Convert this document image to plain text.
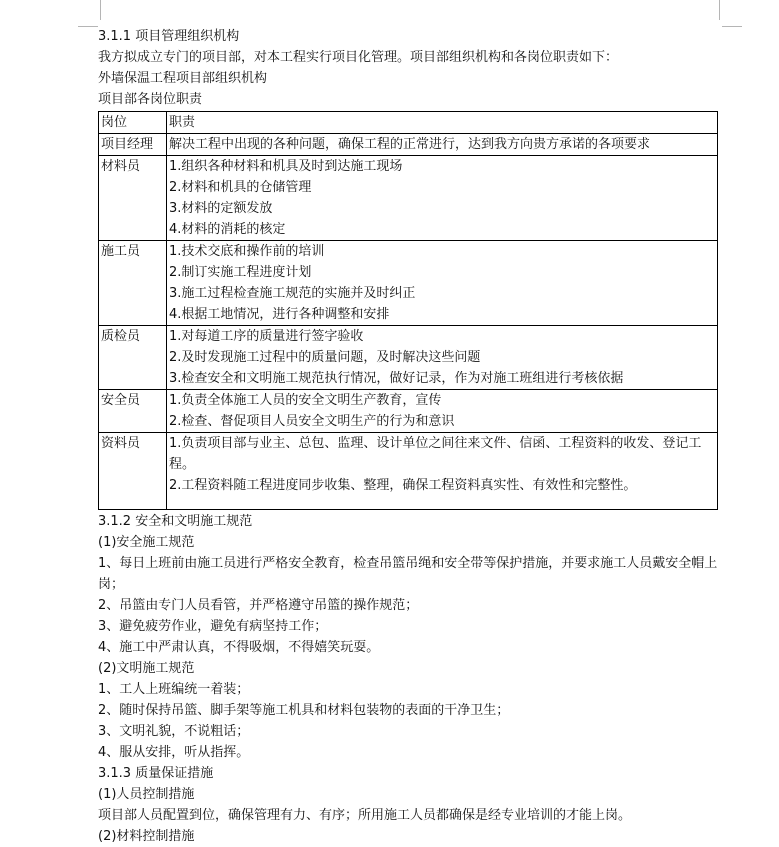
3.1.1 项目管理组织机构
我方拟成立专门的项目部，对本工程实行项目化管理。项目部组织机构和各岗位职责如下：
外墙保温工程项目部组织机构
项目部各岗位职责
岗位	职责
项目经理	解决工程中出现的各种问题，确保工程的正常进行，达到我方向贵方承诺的各项要求

材料员	1.组织各种材料和机具及时到达施工现场
2.材料和机具的仓储管理
3.材料的定额发放
4.材料的消耗的核定

施工员	1.技术交底和操作前的培训
2.制订实施工程进度计划
3.施工过程检查施工规范的实施并及时纠正
4.根据工地情况，进行各种调整和安排

质检员	1.对每道工序的质量进行签字验收
2.及时发现施工过程中的质量问题，及时解决这些问题
3.检查安全和文明施工规范执行情况，做好记录，作为对施工班组进行考核依据

安全员	1.负责全体施工人员的安全文明生产教育，宣传
2.检查、督促项目人员安全文明生产的行为和意识

资料员	1.负责项目部与业主、总包、监理、设计单位之间往来文件、信函、工程资料的收发、登记工程。
2.工程资料随工程进度同步收集、整理，确保工程资料真实性、有效性和完整性。
3.1.2 安全和文明施工规范
(1)安全施工规范
1、每日上班前由施工员进行严格安全教育，检查吊篮吊绳和安全带等保护措施，并要求施工人员戴安全帽上岗；
2、吊篮由专门人员看管，并严格遵守吊篮的操作规范；
3、避免疲劳作业，避免有病坚持工作；
4、施工中严肃认真，不得吸烟，不得嬉笑玩耍。
(2)文明施工规范
1、工人上班编统一着装；
2、随时保持吊篮、脚手架等施工机具和材料包装物的表面的干净卫生；
3、文明礼貌，不说粗话；
4、服从安排，听从指挥。
3.1.3 质量保证措施
(1)人员控制措施
项目部人员配置到位，确保管理有力、有序；所用施工人员都确保是经专业培训的才能上岗。
(2)材料控制措施
